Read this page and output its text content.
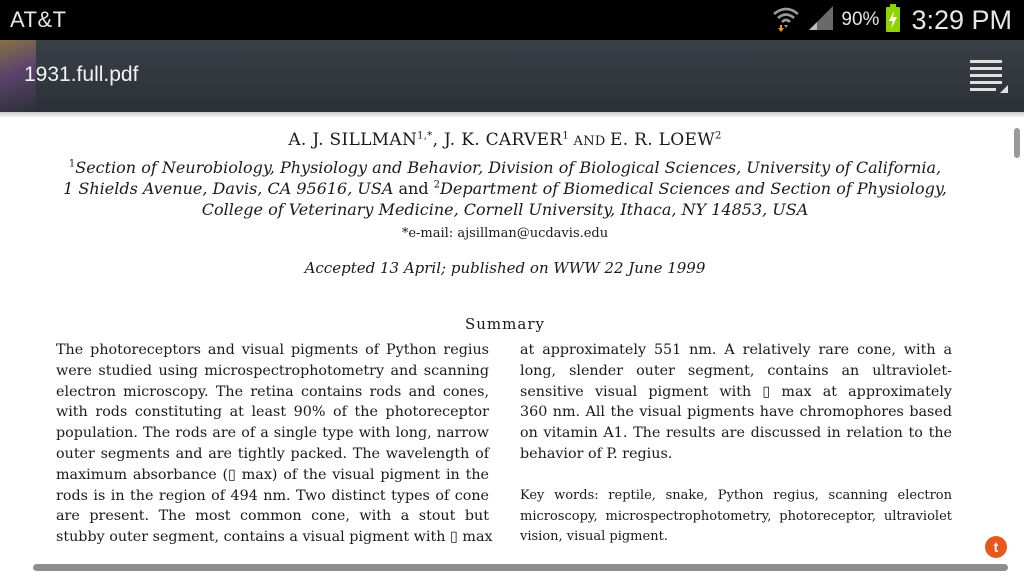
AT&T	90% 3:29 PM
1931.full.pdf
A. J. $SILLMAN^{1,*}$, J. K. CARVER$^1$ AND E. R. LOEW$^2$
$^1$Section of Neurobiology, Physiology and Behavior, Division of Biological Sciences, University of California,
1 Shields Avenue, Davis, CA 95616, USA and $^2$Department of Biomedical Sciences and Section of Physiology,
College of Veterinary Medicine, Cornell University, Ithaca, NY 14853, USA
*e-mail: ajsillman@ucdavis.edu
Accepted 13 April; published on WWW 22 June 1999
Summary
The photoreceptors and visual pigments of Python regius
were studied using microspectrophotometry and scanning
electron microscopy. The retina contains rods and cones,
with rods constituting at least 90% of the photoreceptor
population. The rods are of a single type with long, narrow
outer segments and are tightly packed. The wavelength of
maximum absorbance (▯ max) of the visual pigment in the
rods is in the region of 494 nm. Two distinct types of cone
are present. The most common cone, with a stout but
stubby outer segment, contains a visual pigment with ▯ max
at approximately 551 nm. A relatively rare cone, with a
long, slender outer segment, contains an ultraviolet-
sensitive visual pigment with ▯ max at approximately
360 nm. All the visual pigments have chromophores based
on vitamin A1. The results are discussed in relation to the
behavior of P. regius.
Key words: reptile, snake, Python regius, scanning electron
microscopy, microspectrophotometry, photoreceptor, ultraviolet
vision, visual pigment.
t
